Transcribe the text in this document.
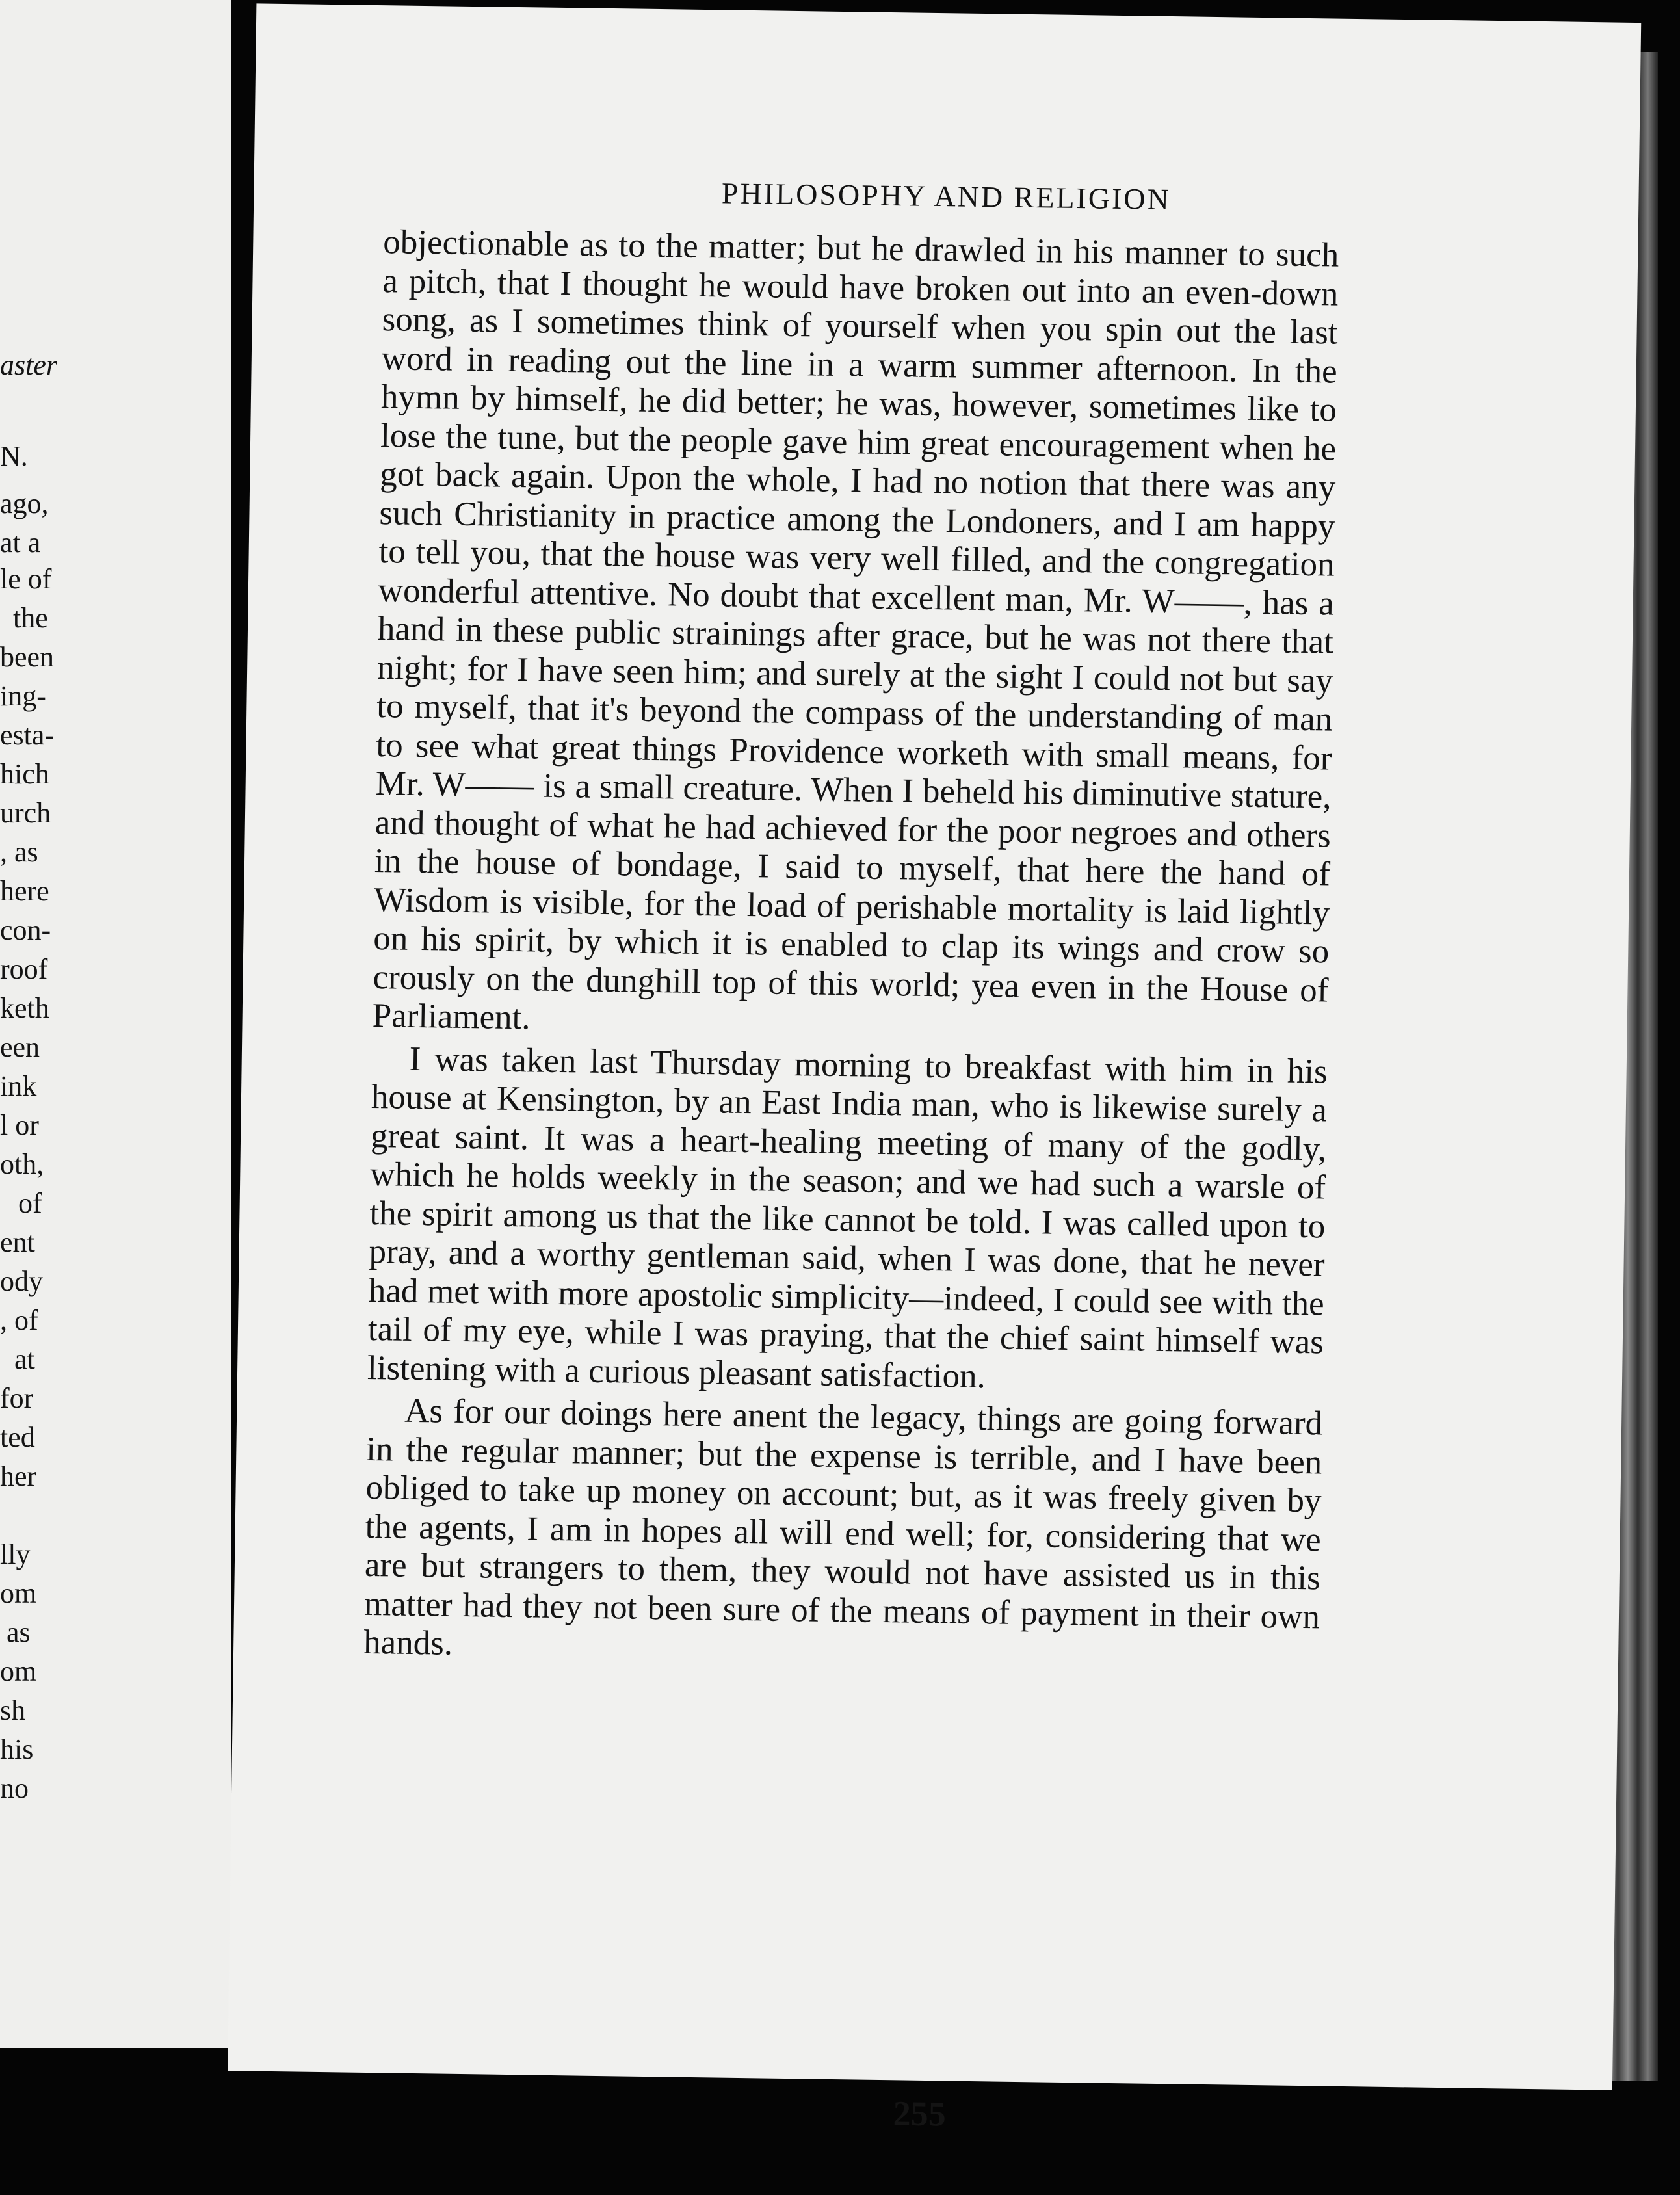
aster
N.
ago,
at a
le of
the
been
ing-
esta-
hich
urch
, as
here
con-
roof
keth
een
ink
l or
oth,
of
ent
ody
, of
at
for
ted
her
lly
om
as
om
sh
his
no
PHILOSOPHY AND RELIGION

objectionable as to the matter; but he drawled in his manner to such a pitch, that I thought he would have broken out into an even-down song, as I sometimes think of yourself when you spin out the last word in reading out the line in a warm summer afternoon. In the hymn by himself, he did better; he was, however, sometimes like to lose the tune, but the people gave him great encouragement when he got back again. Upon the whole, I had no notion that there was any such Christianity in practice among the Londoners, and I am happy to tell you, that the house was very well filled, and the congregation wonderful attentive. No doubt that excellent man, Mr. W——, has a hand in these public strainings after grace, but he was not there that night; for I have seen him; and surely at the sight I could not but say to myself, that it's beyond the compass of the understanding of man to see what great things Providence worketh with small means, for Mr. W—— is a small creature. When I beheld his diminutive stature, and thought of what he had achieved for the poor negroes and others in the house of bondage, I said to myself, that here the hand of Wisdom is visible, for the load of perishable mortality is laid lightly on his spirit, by which it is enabled to clap its wings and crow so crously on the dunghill top of this world; yea even in the House of Parliament.

I was taken last Thursday morning to breakfast with him in his house at Kensington, by an East India man, who is likewise surely a great saint. It was a heart-healing meeting of many of the godly, which he holds weekly in the season; and we had such a warsle of the spirit among us that the like cannot be told. I was called upon to pray, and a worthy gentleman said, when I was done, that he never had met with more apostolic simplicity—indeed, I could see with the tail of my eye, while I was praying, that the chief saint himself was listening with a curious pleasant satisfaction.

As for our doings here anent the legacy, things are going forward in the regular manner; but the expense is terrible, and I have been obliged to take up money on account; but, as it was freely given by the agents, I am in hopes all will end well; for, considering that we are but strangers to them, they would not have assisted us in this matter had they not been sure of the means of payment in their own hands.

255
